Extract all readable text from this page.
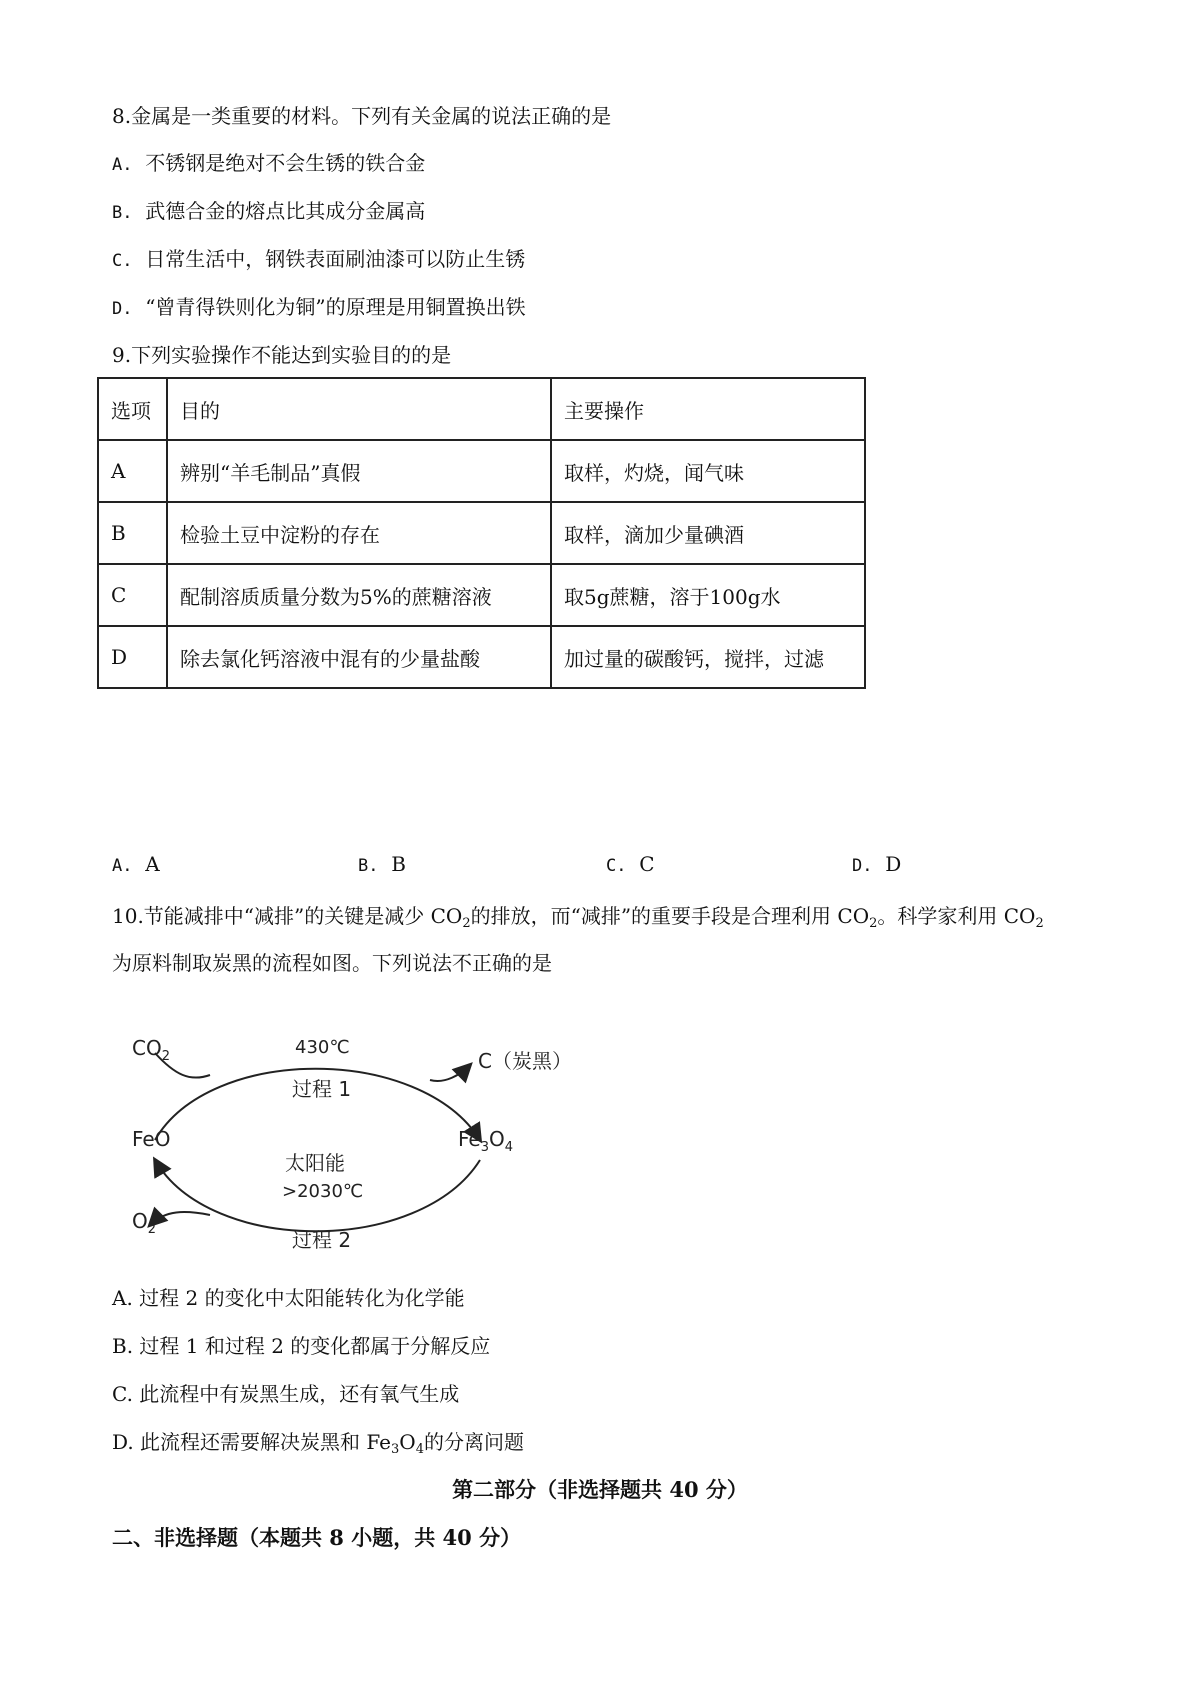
8.金属是一类重要的材料。下列有关金属的说法正确的是
A. 不锈钢是绝对不会生锈的铁合金
B. 武德合金的熔点比其成分金属高
C. 日常生活中，钢铁表面刷油漆可以防止生锈
D. “曾青得铁则化为铜”的原理是用铜置换出铁
9.下列实验操作不能达到实验目的的是
选项	目的	主要操作
A	辨别“羊毛制品”真假	取样，灼烧，闻气味
B	检验土豆中淀粉的存在	取样，滴加少量碘酒
C	配制溶质质量分数为5%的蔗糖溶液	取5g蔗糖，溶于100g水
D	除去氯化钙溶液中混有的少量盐酸	加过量的碳酸钙，搅拌，过滤
A. A	B. B	C. C	D. D
10.节能减排中“减排”的关键是减少 $CO_2$的排放，而“减排”的重要手段是合理利用 $CO_2$。科学家利用 $CO_2$
为原料制取炭黑的流程如图。下列说法不正确的是
$CO_2$	430℃
过程 1
C（炭黑）
FeO	$Fe_3O_4$
太阳能
>2030℃
$O_2$	过程 2
A. 过程 2 的变化中太阳能转化为化学能
B. 过程 1 和过程 2 的变化都属于分解反应
C. 此流程中有炭黑生成，还有氧气生成
D. 此流程还需要解决炭黑和 $Fe_3O_4$的分离问题
第二部分（非选择题共 40 分）
二、非选择题（本题共 8 小题，共 40 分）
